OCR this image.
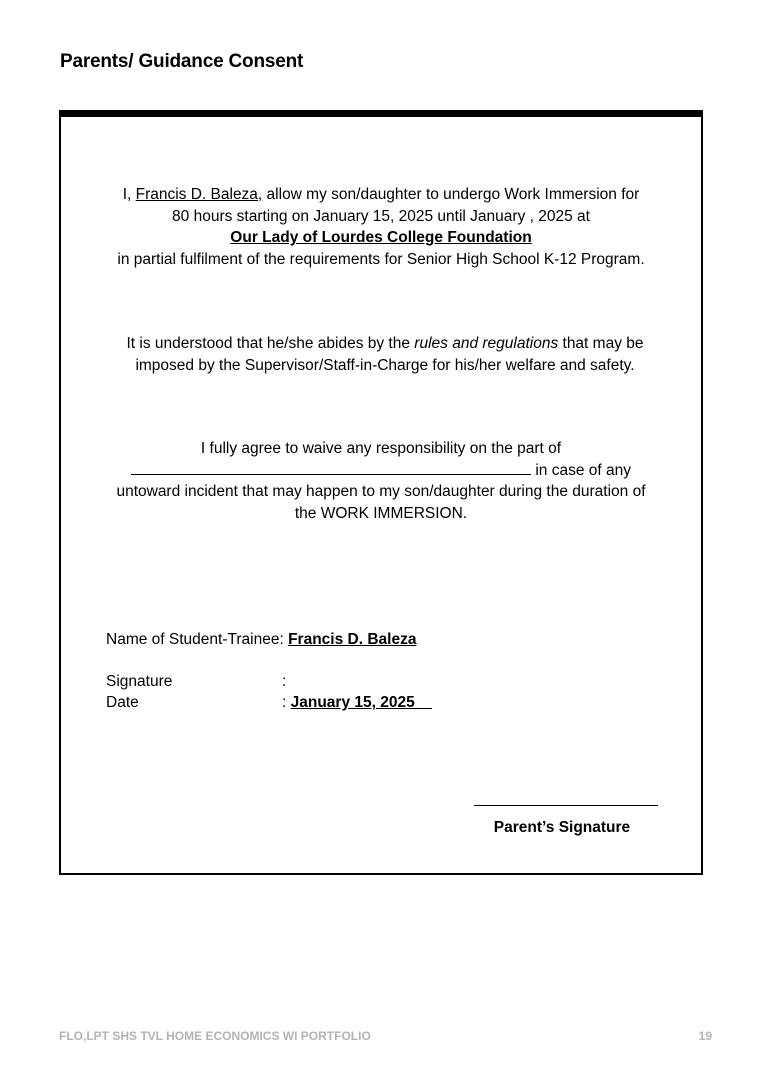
Parents/ Guidance Consent
I, Francis D. Baleza, allow my son/daughter to undergo Work Immersion for
80 hours starting on January 15, 2025 until January , 2025 at
Our Lady of Lourdes College Foundation
in partial fulfilment of the requirements for Senior High School K-12 Program.
It is understood that he/she abides by the rules and regulations that may be
imposed by the Supervisor/Staff-in-Charge for his/her welfare and safety.
I fully agree to waive any responsibility on the part of
in case of any
untoward incident that may happen to my son/daughter during the duration of
the WORK IMMERSION.
Name of Student-Trainee: Francis D. Baleza
Signature	:
Date	: January 15, 2025
Parent’s Signature
FLO,LPT SHS TVL HOME ECONOMICS WI PORTFOLIO	19
